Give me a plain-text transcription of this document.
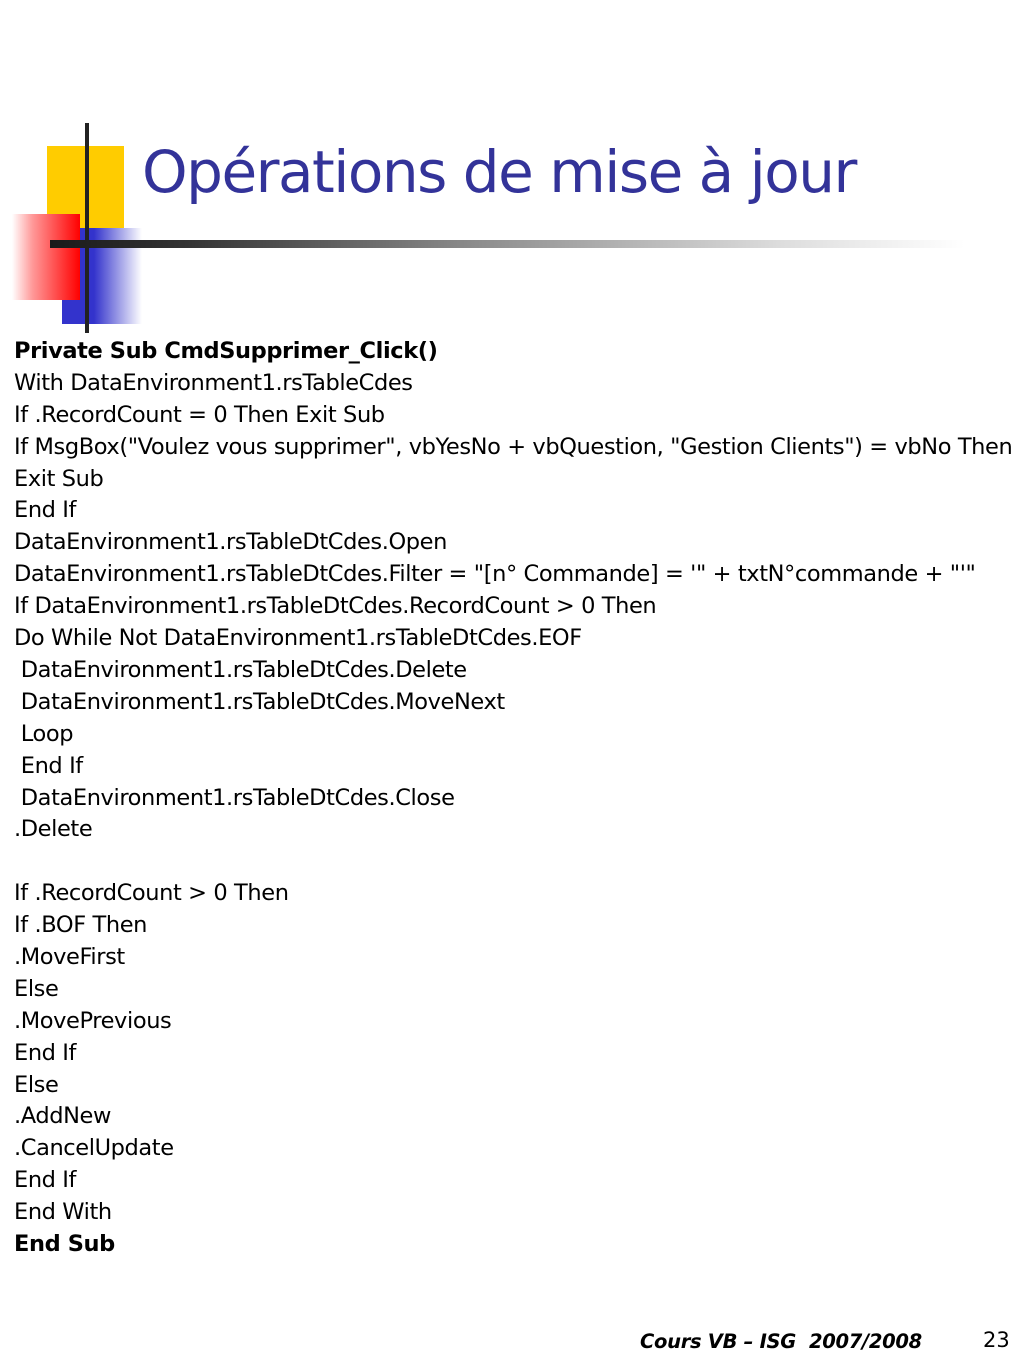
Opérations de mise à jour
Private Sub CmdSupprimer_Click()
With DataEnvironment1.rsTableCdes
If .RecordCount = 0 Then Exit Sub
If MsgBox("Voulez vous supprimer", vbYesNo + vbQuestion, "Gestion Clients") = vbNo Then
Exit Sub
End If
DataEnvironment1.rsTableDtCdes.Open
DataEnvironment1.rsTableDtCdes.Filter = "[n° Commande] = '" + txtN°commande + "'"
If DataEnvironment1.rsTableDtCdes.RecordCount > 0 Then
Do While Not DataEnvironment1.rsTableDtCdes.EOF
DataEnvironment1.rsTableDtCdes.Delete
DataEnvironment1.rsTableDtCdes.MoveNext
Loop
End If
DataEnvironment1.rsTableDtCdes.Close
.Delete
If .RecordCount > 0 Then
If .BOF Then
.MoveFirst
Else
.MovePrevious
End If
Else
.AddNew
.CancelUpdate
End If
End With
End Sub
Cours VB – ISG  2007/2008	23
